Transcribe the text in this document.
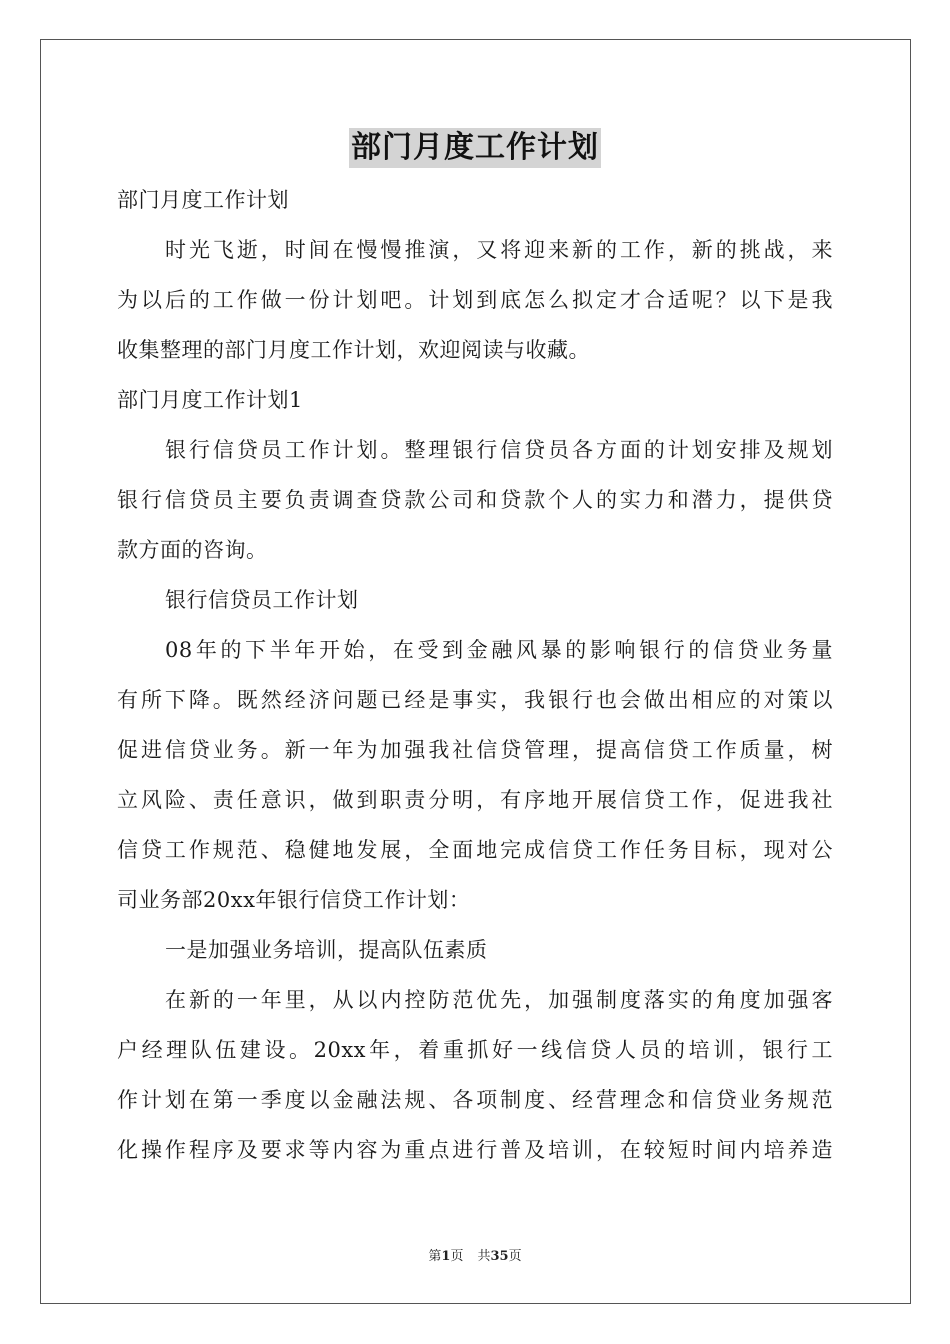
部门月度工作计划
部门月度工作计划
时光飞逝，时间在慢慢推演，又将迎来新的工作，新的挑战，来
为以后的工作做一份计划吧。计划到底怎么拟定才合适呢？以下是我
收集整理的部门月度工作计划，欢迎阅读与收藏。
部门月度工作计划1
银行信贷员工作计划。整理银行信贷员各方面的计划安排及规划
银行信贷员主要负责调查贷款公司和贷款个人的实力和潜力，提供贷
款方面的咨询。
银行信贷员工作计划
08年的下半年开始，在受到金融风暴的影响银行的信贷业务量
有所下降。既然经济问题已经是事实，我银行也会做出相应的对策以
促进信贷业务。新一年为加强我社信贷管理，提高信贷工作质量，树
立风险、责任意识，做到职责分明，有序地开展信贷工作，促进我社
信贷工作规范、稳健地发展，全面地完成信贷工作任务目标，现对公
司业务部20xx年银行信贷工作计划：
一是加强业务培训，提高队伍素质
在新的一年里，从以内控防范优先，加强制度落实的角度加强客
户经理队伍建设。20xx年，着重抓好一线信贷人员的培训，银行工
作计划在第一季度以金融法规、各项制度、经营理念和信贷业务规范
化操作程序及要求等内容为重点进行普及培训，在较短时间内培养造
第1页 共35页
